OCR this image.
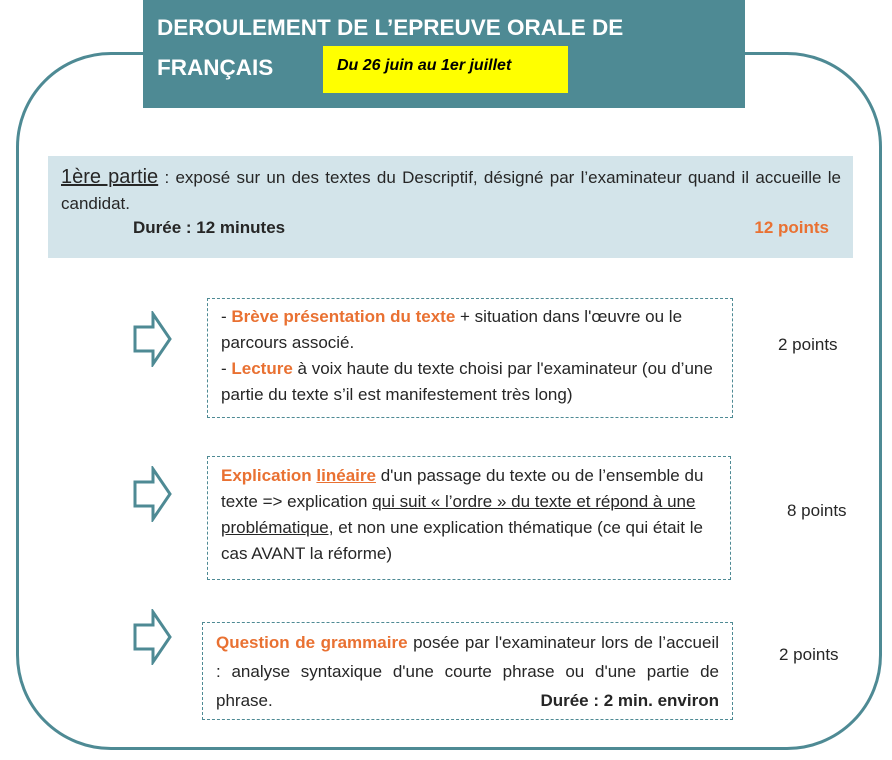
DEROULEMENT DE L’EPREUVE ORALE DE FRANÇAIS	Du 26 juin au 1er juillet
1ère partie : exposé sur un des textes du Descriptif, désigné par l’examinateur quand il accueille le candidat.
Durée : 12 minutes	12 points
- Brève présentation du texte + situation dans l'œuvre ou le parcours associé.
- Lecture à voix haute du texte choisi par l'examinateur (ou d’une partie du texte s’il est manifestement très long)
2 points
Explication linéaire d'un passage du texte ou de l’ensemble du texte => explication qui suit « l’ordre » du texte et répond à une problématique, et non une explication thématique (ce qui était le cas AVANT la réforme)
8 points
Question de grammaire posée par l'examinateur lors de l’accueil : analyse syntaxique d'une courte phrase ou d'une partie de phrase.	Durée : 2 min. environ
2 points
